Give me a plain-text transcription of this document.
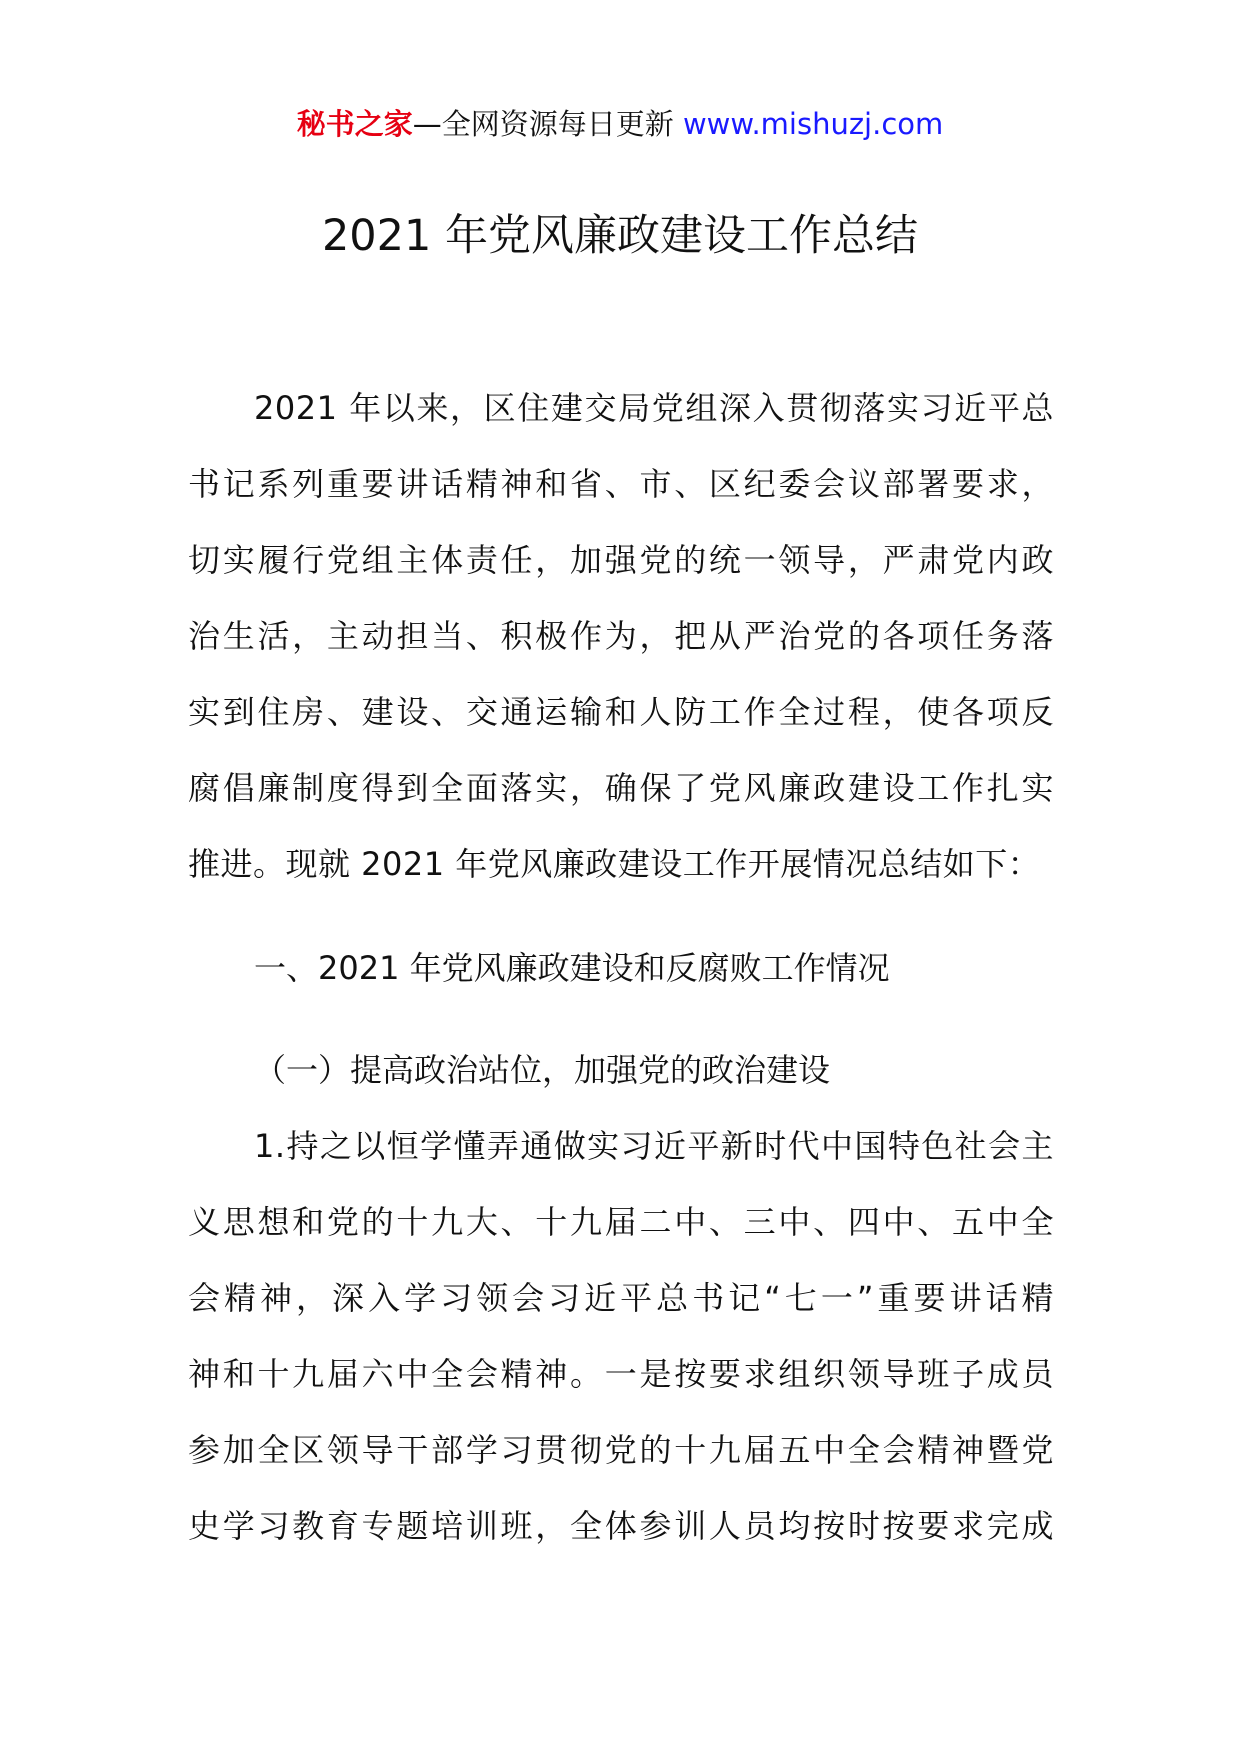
秘书之家—全网资源每日更新 www.mishuzj.com
2021 年党风廉政建设工作总结
2021 年以来，区住建交局党组深入贯彻落实习近平总
书记系列重要讲话精神和省、市、区纪委会议部署要求，
切实履行党组主体责任，加强党的统一领导，严肃党内政
治生活，主动担当、积极作为，把从严治党的各项任务落
实到住房、建设、交通运输和人防工作全过程，使各项反
腐倡廉制度得到全面落实，确保了党风廉政建设工作扎实
推进。现就 2021 年党风廉政建设工作开展情况总结如下：
一、2021 年党风廉政建设和反腐败工作情况
（一）提高政治站位，加强党的政治建设
1.持之以恒学懂弄通做实习近平新时代中国特色社会主
义思想和党的十九大、十九届二中、三中、四中、五中全
会精神，深入学习领会习近平总书记“七一”重要讲话精
神和十九届六中全会精神。一是按要求组织领导班子成员
参加全区领导干部学习贯彻党的十九届五中全会精神暨党
史学习教育专题培训班，全体参训人员均按时按要求完成
